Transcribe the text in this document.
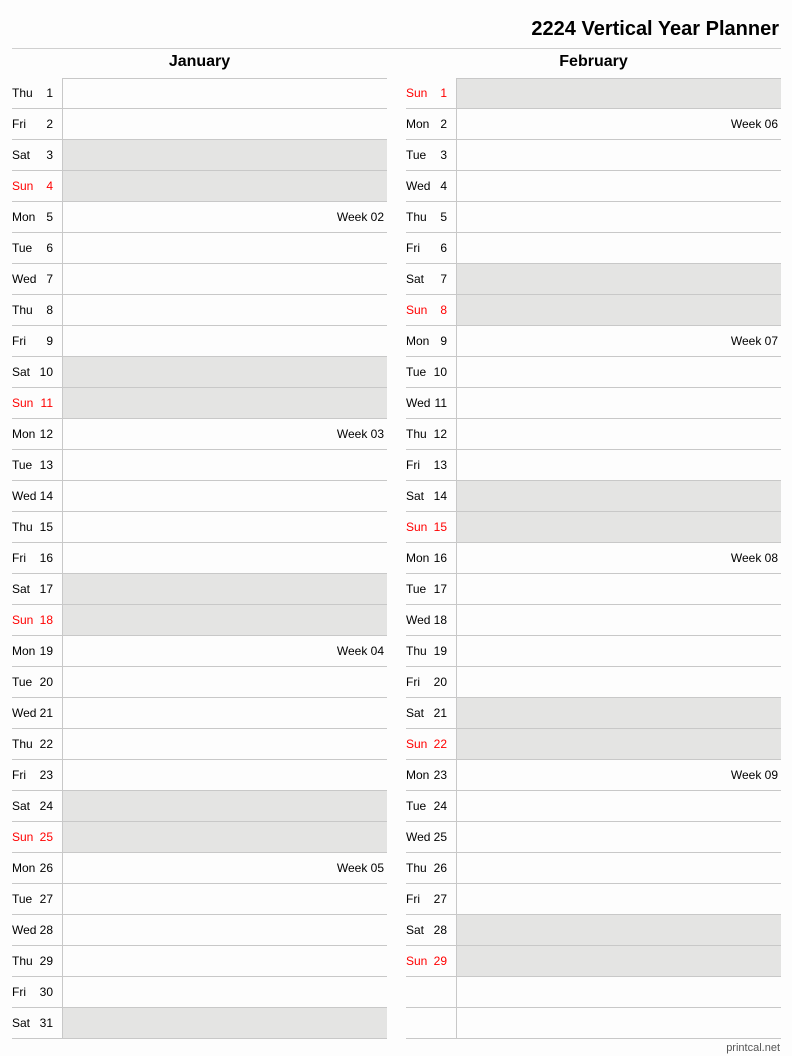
2224 Vertical Year Planner
January	February
Thu 1
Fri 2
Sat 3
Sun 4
Week 02
Mon 5
Tue 6
Wed 7
Thu 8
Fri 9
Sat 10
Sun 11
Week 03
Mon 12
Tue 13
Wed 14
Thu 15
Fri 16
Sat 17
Sun 18
Week 04
Mon 19
Tue 20
Wed 21
Thu 22
Fri 23
Sat 24
Sun 25
Week 05
Mon 26
Tue 27
Wed 28
Thu 29
Fri 30
Sat 31
Sun 1
Week 06
Mon 2
Tue 3
Wed 4
Thu 5
Fri 6
Sat 7
Sun 8
Week 07
Mon 9
Tue 10
Wed 11
Thu 12
Fri 13
Sat 14
Sun 15
Week 08
Mon 16
Tue 17
Wed 18
Thu 19
Fri 20
Sat 21
Sun 22
Week 09
Mon 23
Tue 24
Wed 25
Thu 26
Fri 27
Sat 28
Sun 29
printcal.net
